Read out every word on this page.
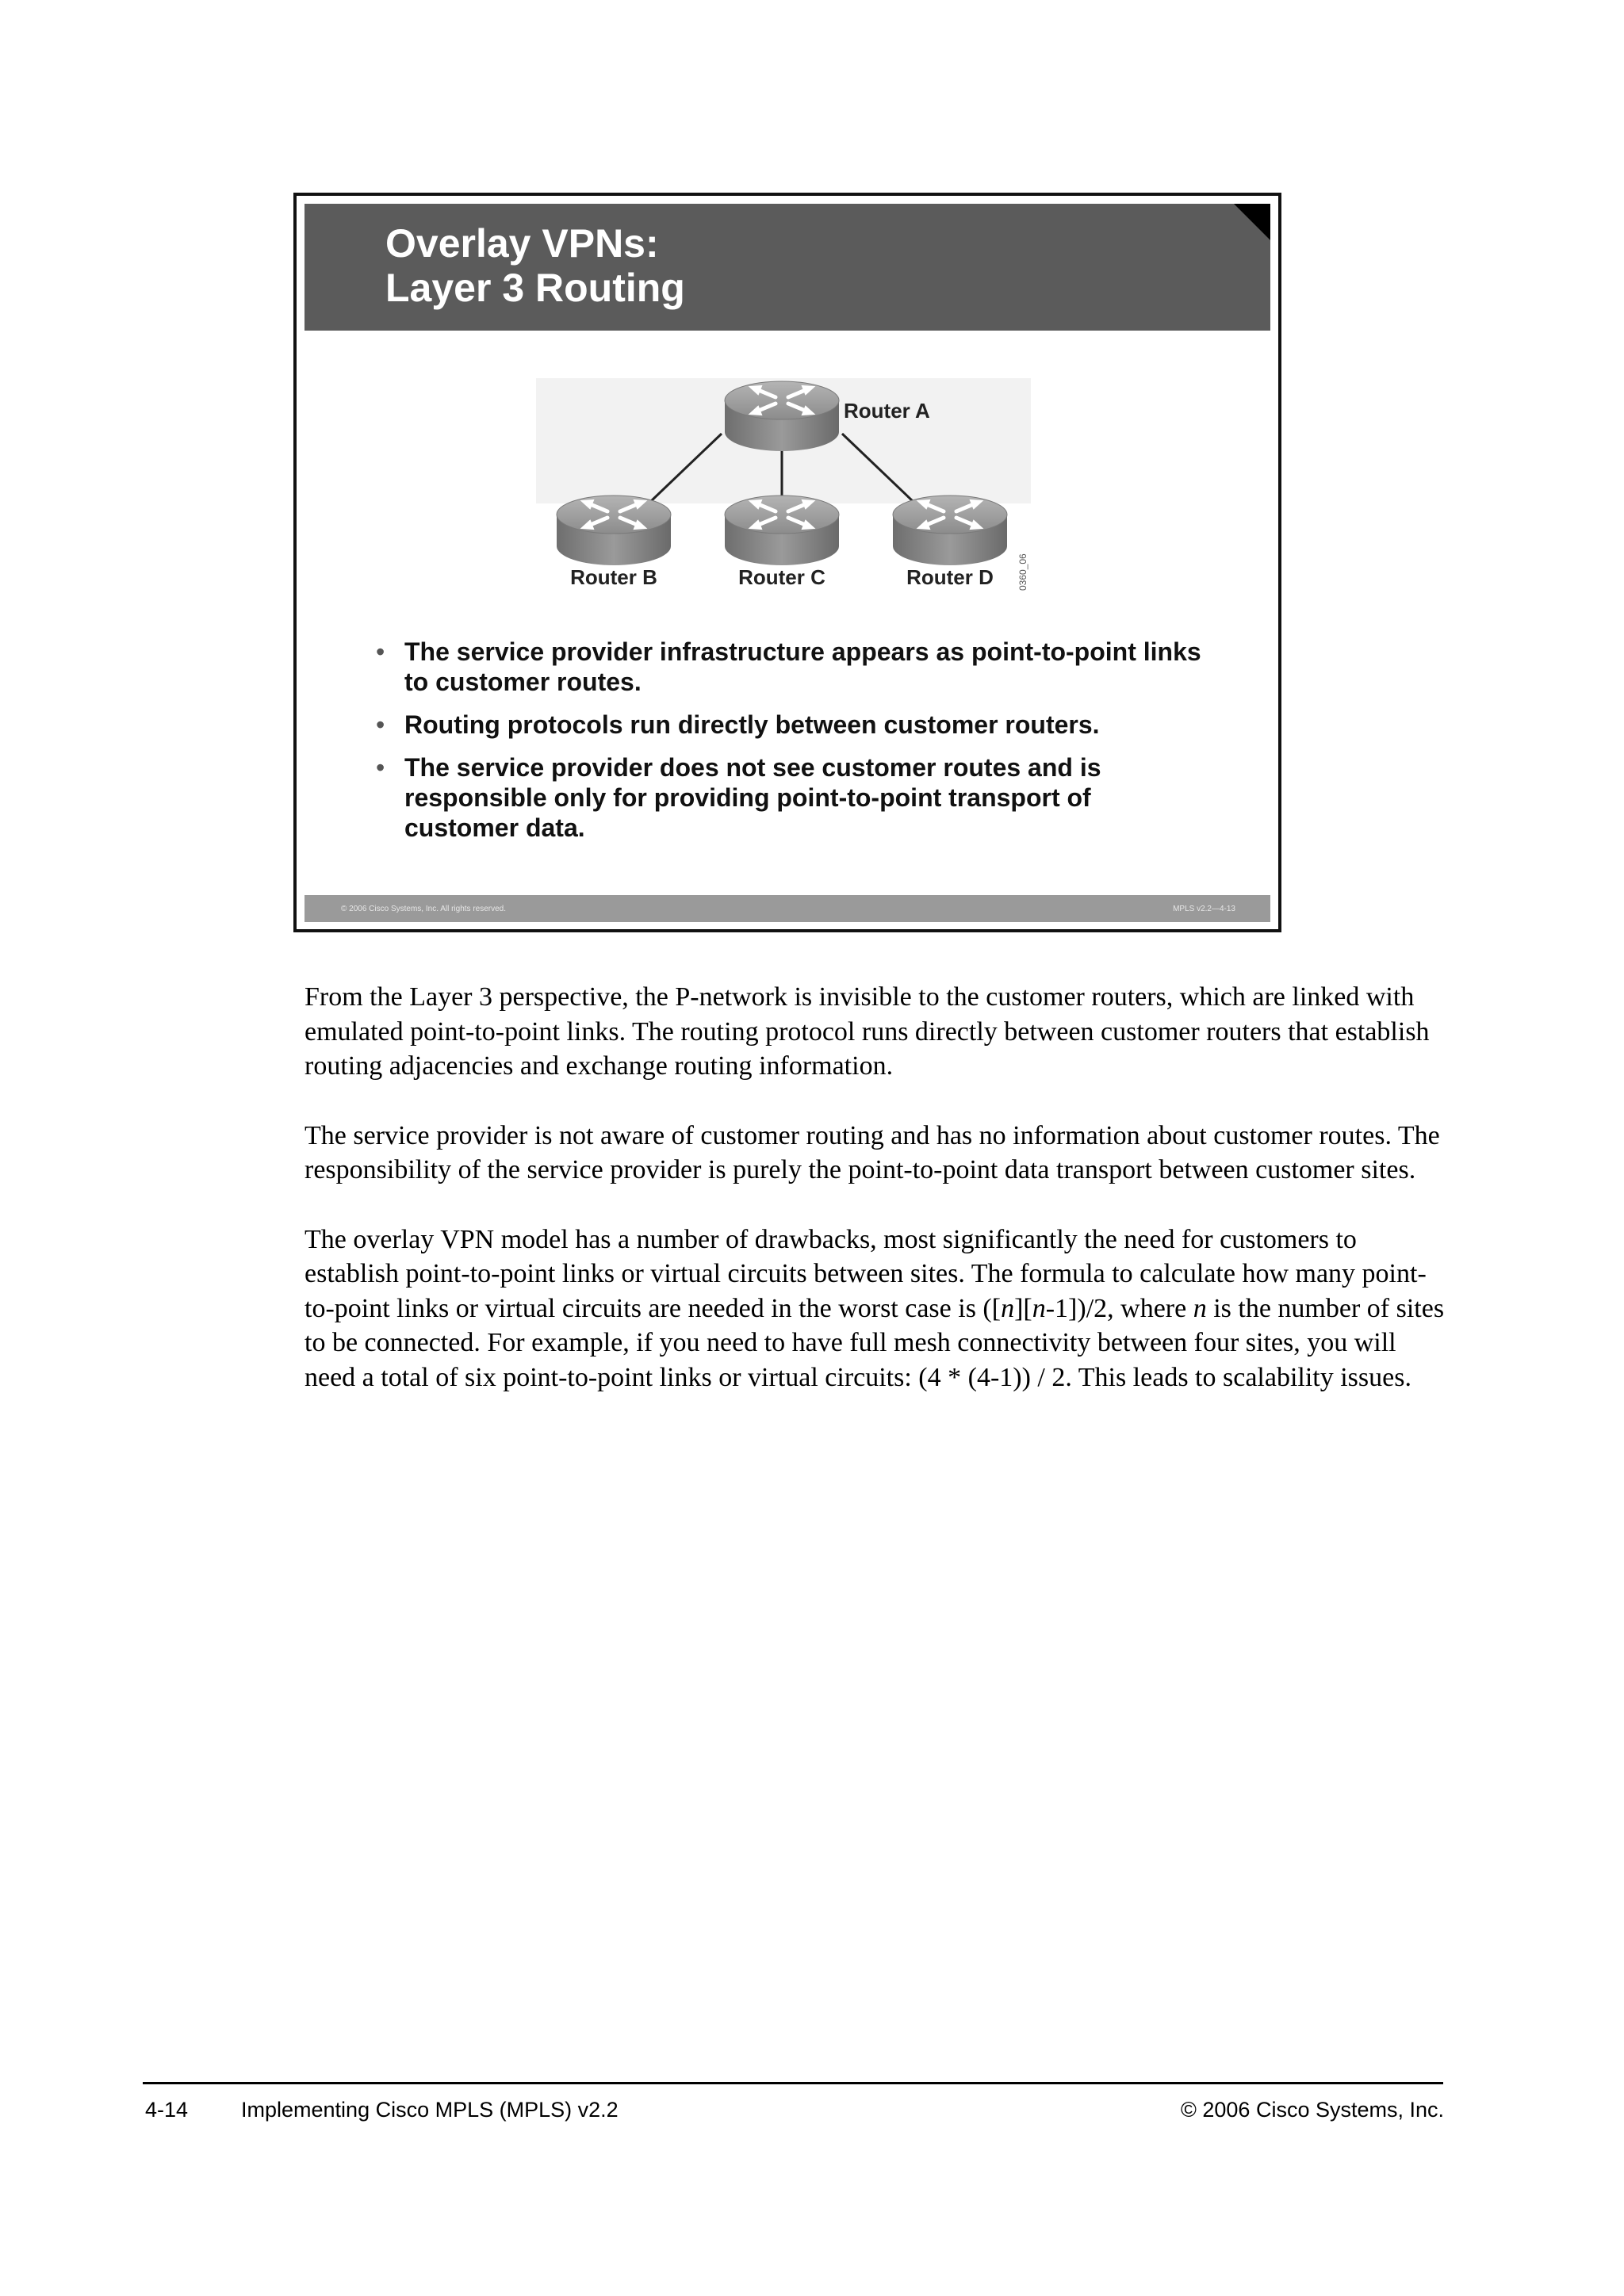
Overlay VPNs:
Layer 3 Routing
Router A
Router B	Router C	Router D	0360_06
• The service provider infrastructure appears as point-to-point links to customer routes.
• Routing protocols run directly between customer routers.
• The service provider does not see customer routes and is responsible only for providing point-to-point transport of customer data.
© 2006 Cisco Systems, Inc. All rights reserved.	MPLS v2.2—4-13

From the Layer 3 perspective, the P-network is invisible to the customer routers, which are linked with emulated point-to-point links. The routing protocol runs directly between customer routers that establish routing adjacencies and exchange routing information.

The service provider is not aware of customer routing and has no information about customer routes. The responsibility of the service provider is purely the point-to-point data transport between customer sites.

The overlay VPN model has a number of drawbacks, most significantly the need for customers to establish point-to-point links or virtual circuits between sites. The formula to calculate how many point-to-point links or virtual circuits are needed in the worst case is ([n][n-1])/2, where n is the number of sites to be connected. For example, if you need to have full mesh connectivity between four sites, you will need a total of six point-to-point links or virtual circuits: (4 * (4-1)) / 2. This leads to scalability issues.

4-14 Implementing Cisco MPLS (MPLS) v2.2	© 2006 Cisco Systems, Inc.
